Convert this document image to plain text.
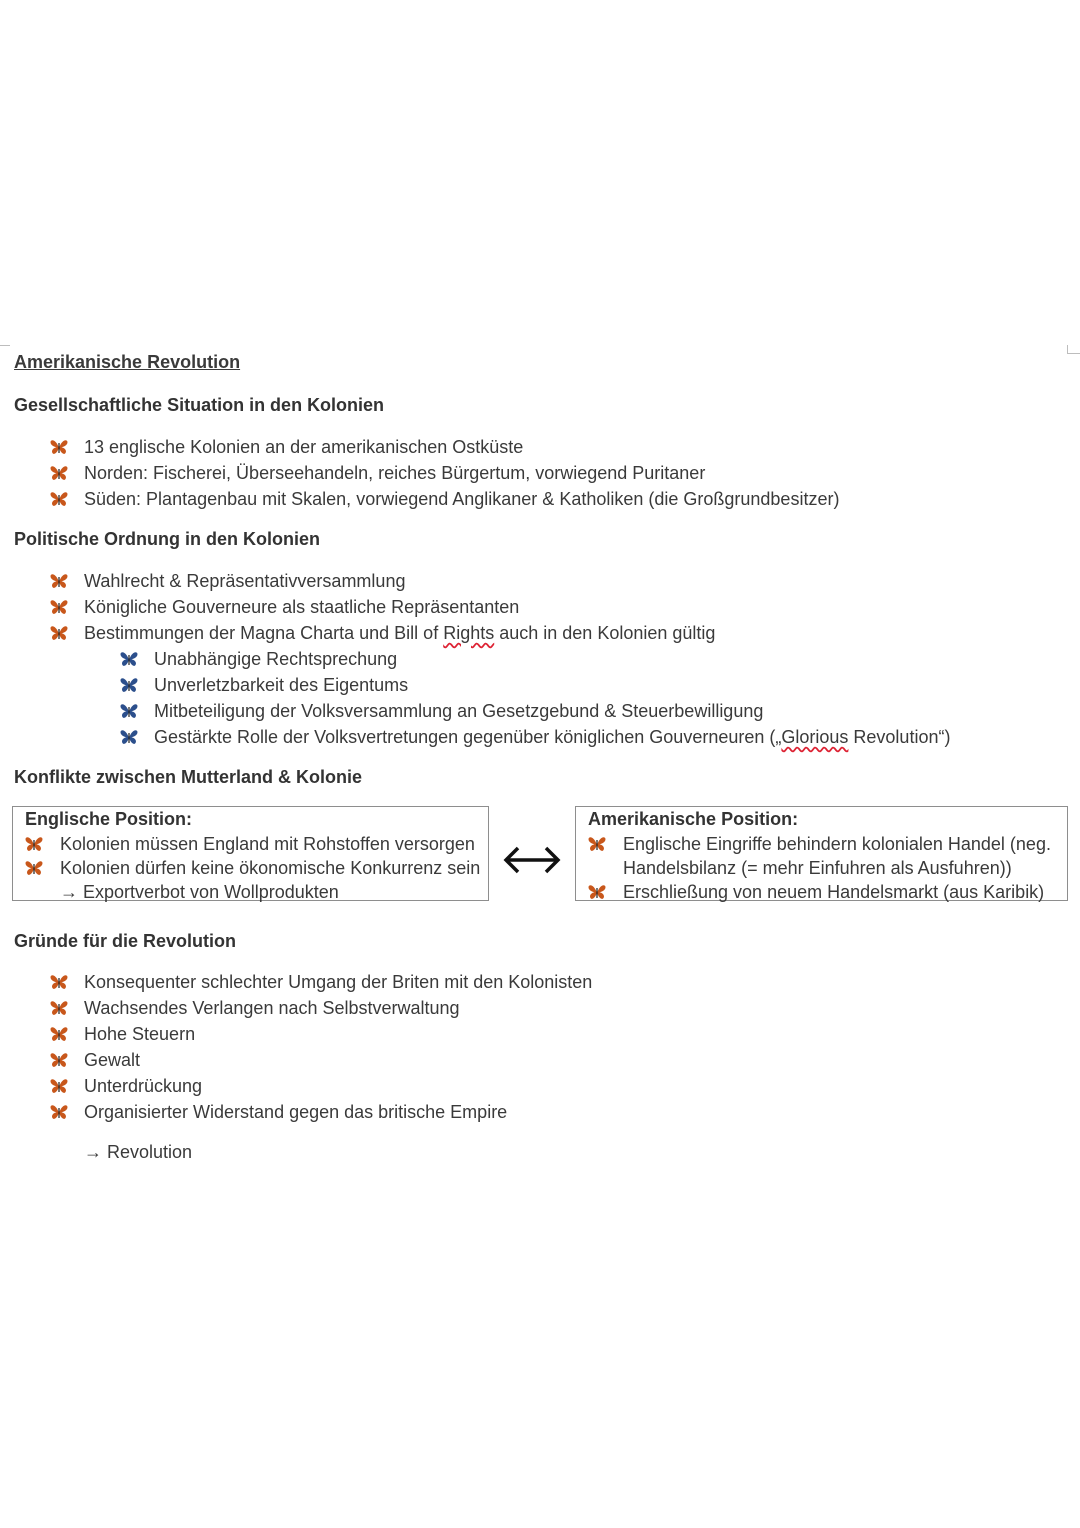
Amerikanische Revolution
Gesellschaftliche Situation in den Kolonien
13 englische Kolonien an der amerikanischen Ostküste
Norden: Fischerei, Überseehandeln, reiches Bürgertum, vorwiegend Puritaner
Süden: Plantagenbau mit Skalen, vorwiegend Anglikaner & Katholiken (die Großgrundbesitzer)
Politische Ordnung in den Kolonien
Wahlrecht & Repräsentativversammlung
Königliche Gouverneure als staatliche Repräsentanten
Bestimmungen der Magna Charta und Bill of Rights auch in den Kolonien gültig
Unabhängige Rechtsprechung
Unverletzbarkeit des Eigentums
Mitbeteiligung der Volksversammlung an Gesetzgebund & Steuerbewilligung
Gestärkte Rolle der Volksvertretungen gegenüber königlichen Gouverneuren („Glorious Revolution“)
Konflikte zwischen Mutterland & Kolonie
Englische Position:
Kolonien müssen England mit Rohstoffen versorgen
Kolonien dürfen keine ökonomische Konkurrenz sein
→ Exportverbot von Wollprodukten
Amerikanische Position:
Englische Eingriffe behindern kolonialen Handel (neg.
Handelsbilanz (= mehr Einfuhren als Ausfuhren))
Erschließung von neuem Handelsmarkt (aus Karibik)
Gründe für die Revolution
Konsequenter schlechter Umgang der Briten mit den Kolonisten
Wachsendes Verlangen nach Selbstverwaltung
Hohe Steuern
Gewalt
Unterdrückung
Organisierter Widerstand gegen das britische Empire
→ Revolution
